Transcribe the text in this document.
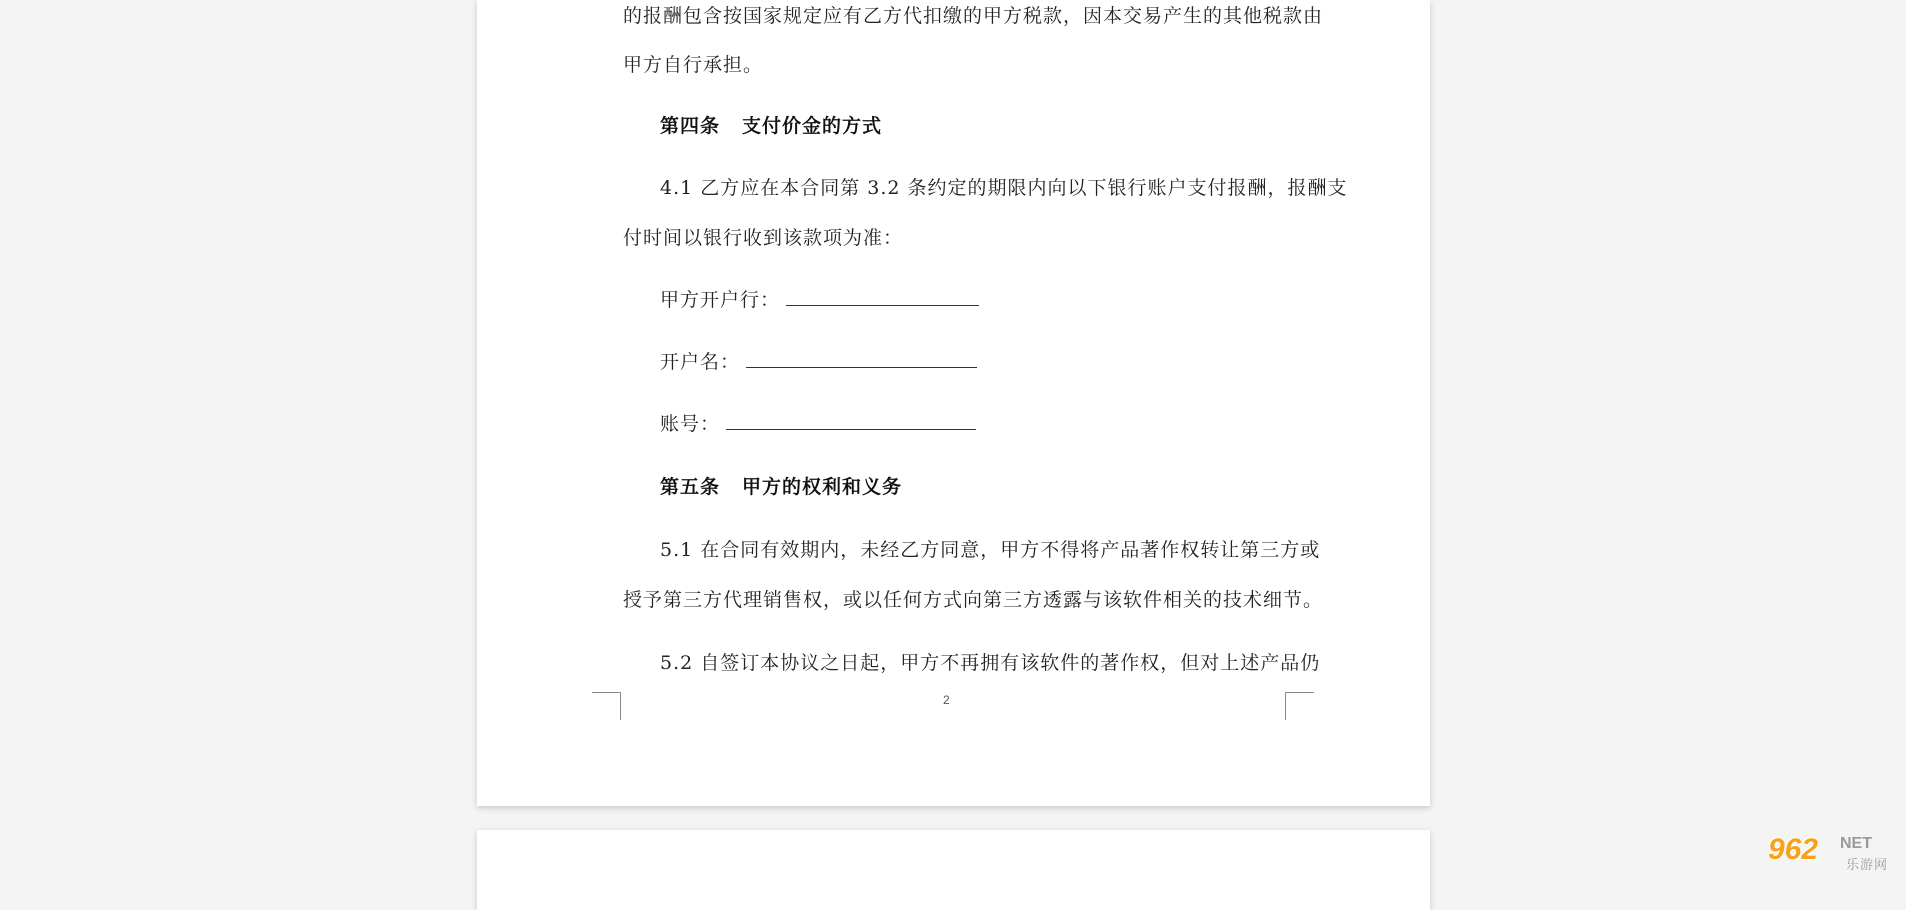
的报酬包含按国家规定应有乙方代扣缴的甲方税款，因本交易产生的其他税款由
甲方自行承担。
第四条 支付价金的方式
4.1 乙方应在本合同第 3.2 条约定的期限内向以下银行账户支付报酬，报酬支
付时间以银行收到该款项为准：
甲方开户行：
开户名：
账号：
第五条 甲方的权利和义务
5.1 在合同有效期内，未经乙方同意，甲方不得将产品著作权转让第三方或
授予第三方代理销售权，或以任何方式向第三方透露与该软件相关的技术细节。
5.2 自签订本协议之日起，甲方不再拥有该软件的著作权，但对上述产品仍
2
962 NET
乐游网
